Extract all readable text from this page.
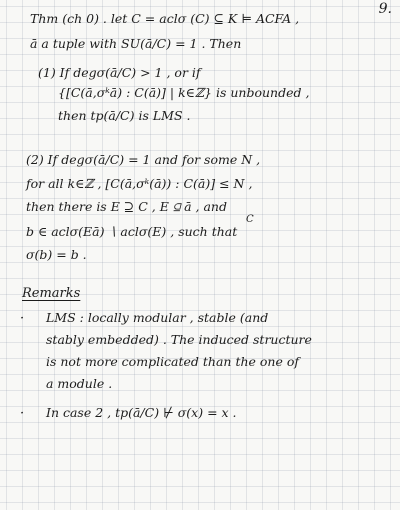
9.
Thm (ch 0) . let C = aclσ (C) ⊆ K ⊨ ACFA ,
ā a tuple with SU(ā/C) = 1 . Then
(1) If degσ(ā/C) > 1 , or if
{[C(ā,σᵏā) : C(ā)] | k∈ℤ} is unbounded ,
then tp(ā/C) is LMS .
(2) If degσ(ā/C) = 1 and for some N ,
for all k∈ℤ , [C(ā,σᵏ(ā)) : C(ā)] ≤ N ,
then there is E ⊇ C , E ⫑ ā , and
C
b ∈ aclσ(Eā) ∖ aclσ(E) , such that
σ(b) = b .
Remarks
· LMS : locally modular , stable (and
stably embedded) . The induced structure
is not more complicated than the one of
a module .
· In case 2 , tp(ā/C) ⊬ σ(x) = x .
